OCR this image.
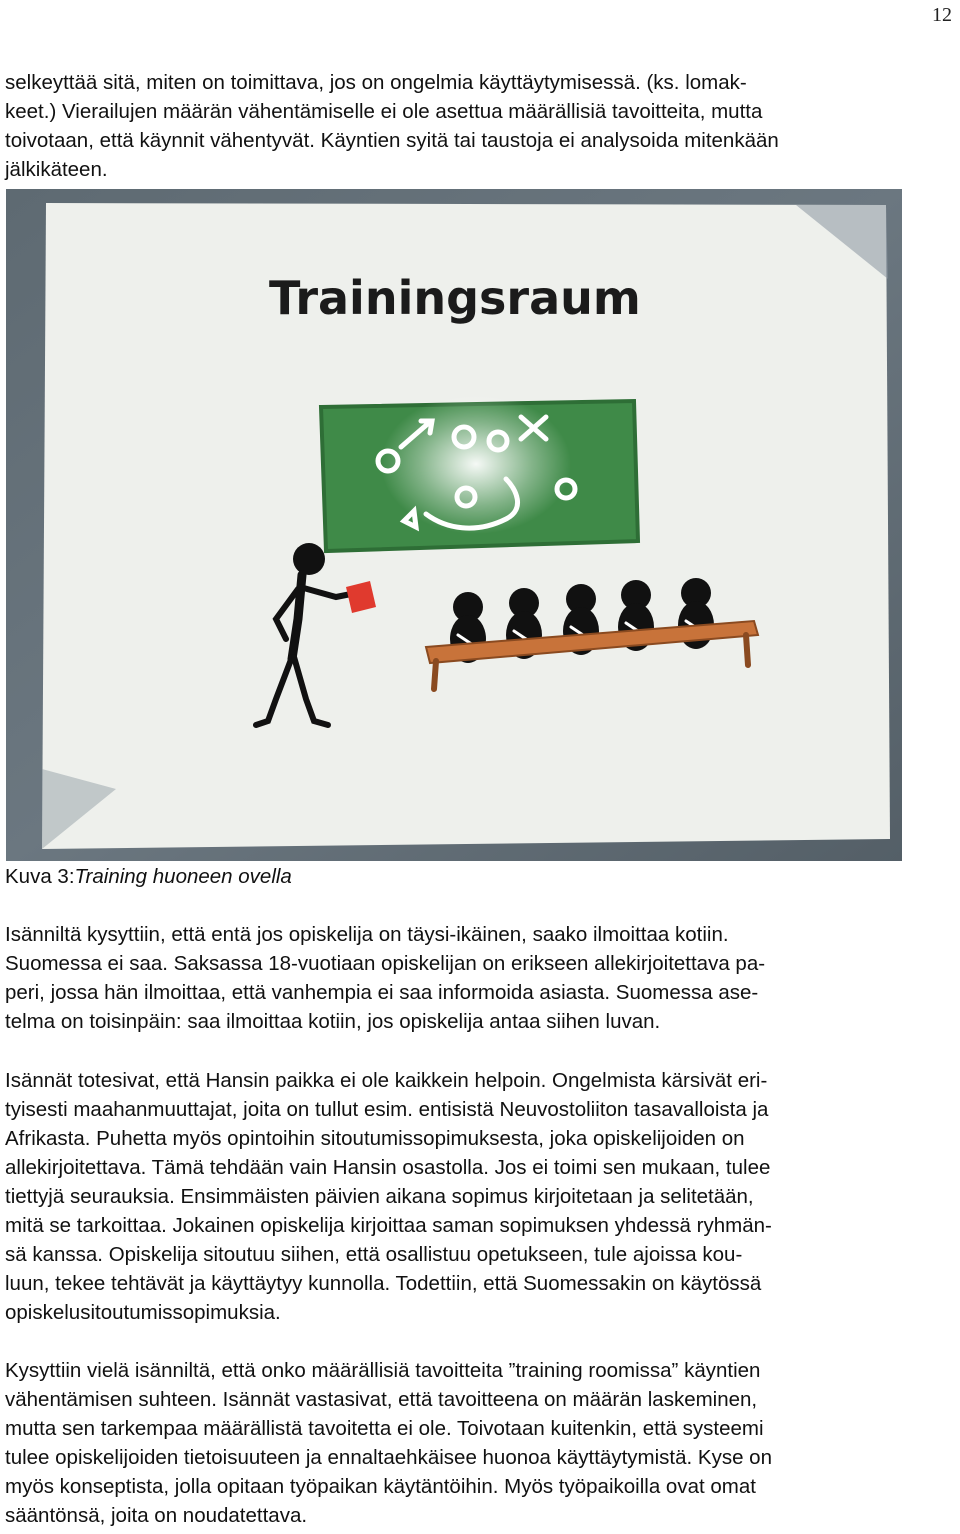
12

selkeyttää sitä, miten on toimittava, jos on ongelmia käyttäytymisessä. (ks. lomak-
keet.) Vierailujen määrän vähentämiselle ei ole asettua määrällisiä tavoitteita, mutta
toivotaan, että käynnit vähentyvät. Käyntien syitä tai taustoja ei analysoida mitenkään
jälkikäteen.

Trainingsraum

Kuva 3:Training huoneen ovella

Isänniltä kysyttiin, että entä jos opiskelija on täysi-ikäinen, saako ilmoittaa kotiin.
Suomessa ei saa. Saksassa 18-vuotiaan opiskelijan on erikseen allekirjoitettava pa-
peri, jossa hän ilmoittaa, että vanhempia ei saa informoida asiasta. Suomessa ase-
telma on toisinpäin: saa ilmoittaa kotiin, jos opiskelija antaa siihen luvan.

Isännät totesivat, että Hansin paikka ei ole kaikkein helpoin. Ongelmista kärsivät eri-
tyisesti maahanmuuttajat, joita on tullut esim. entisistä Neuvostoliiton tasavalloista ja
Afrikasta. Puhetta myös opintoihin sitoutumissopimuksesta, joka opiskelijoiden on
allekirjoitettava. Tämä tehdään vain Hansin osastolla. Jos ei toimi sen mukaan, tulee
tiettyjä seurauksia. Ensimmäisten päivien aikana sopimus kirjoitetaan ja selitetään,
mitä se tarkoittaa. Jokainen opiskelija kirjoittaa saman sopimuksen yhdessä ryhmän-
sä kanssa. Opiskelija sitoutuu siihen, että osallistuu opetukseen, tule ajoissa kou-
luun, tekee tehtävät ja käyttäytyy kunnolla. Todettiin, että Suomessakin on käytössä
opiskelusitoutumissopimuksia.

Kysyttiin vielä isänniltä, että onko määrällisiä tavoitteita ”training roomissa” käyntien
vähentämisen suhteen. Isännät vastasivat, että tavoitteena on määrän laskeminen,
mutta sen tarkempaa määrällistä tavoitetta ei ole. Toivotaan kuitenkin, että systeemi
tulee opiskelijoiden tietoisuuteen ja ennaltaehkäisee huonoa käyttäytymistä. Kyse on
myös konseptista, jolla opitaan työpaikan käytäntöihin. Myös työpaikoilla ovat omat
sääntönsä, joita on noudatettava.
